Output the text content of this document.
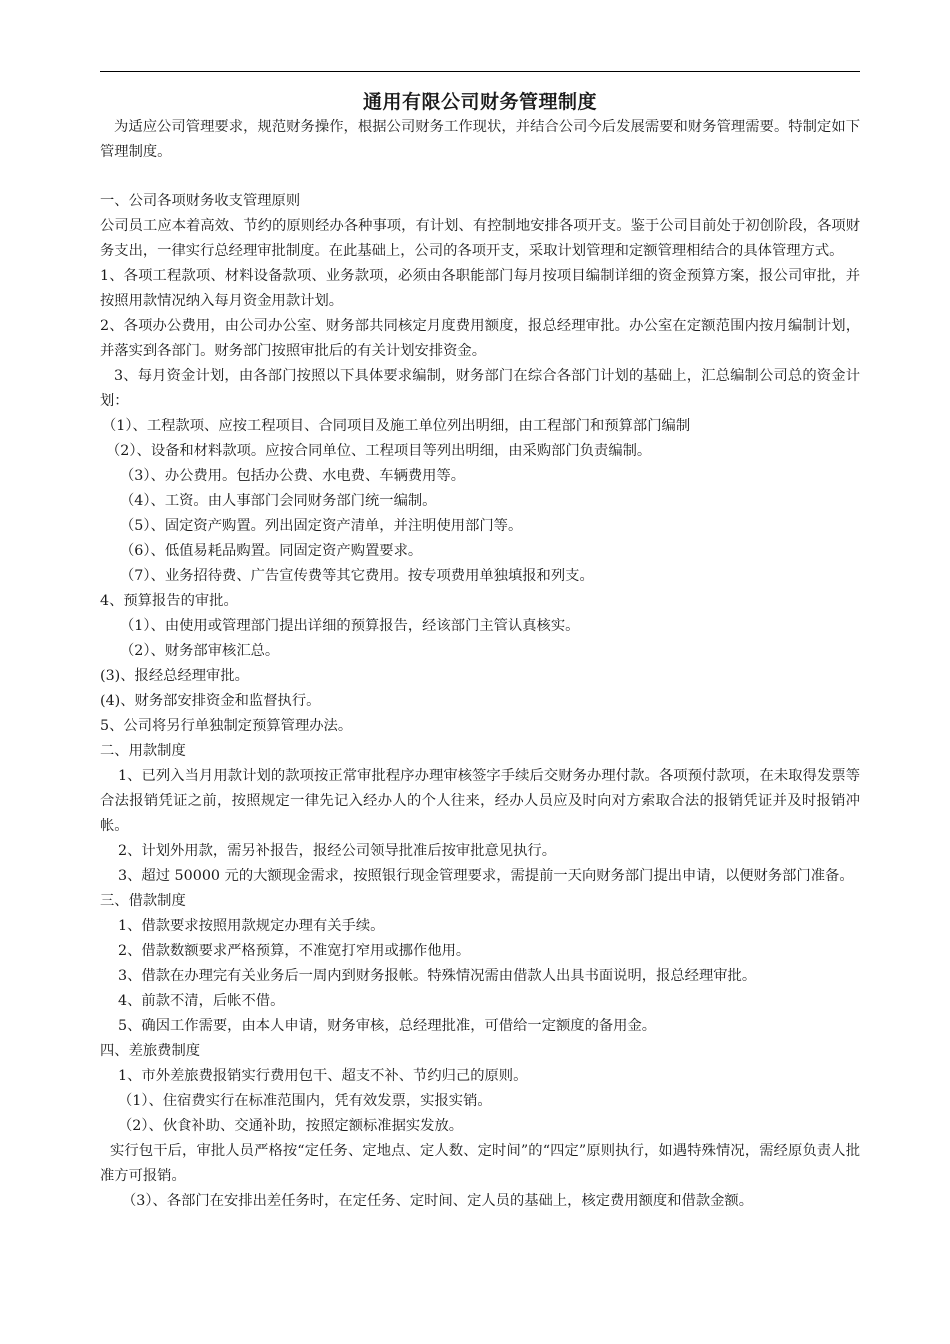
通用有限公司财务管理制度

为适应公司管理要求，规范财务操作，根据公司财务工作现状，并结合公司今后发展需要和财务管理需要。特制定如下管理制度。

一、公司各项财务收支管理原则

公司员工应本着高效、节约的原则经办各种事项，有计划、有控制地安排各项开支。鉴于公司目前处于初创阶段，各项财务支出，一律实行总经理审批制度。在此基础上，公司的各项开支，采取计划管理和定额管理相结合的具体管理方式。

1、各项工程款项、材料设备款项、业务款项，必须由各职能部门每月按项目编制详细的资金预算方案，报公司审批，并按照用款情况纳入每月资金用款计划。

2、各项办公费用，由公司办公室、财务部共同核定月度费用额度，报总经理审批。办公室在定额范围内按月编制计划，并落实到各部门。财务部门按照审批后的有关计划安排资金。

3、每月资金计划，由各部门按照以下具体要求编制，财务部门在综合各部门计划的基础上，汇总编制公司总的资金计划：

（1）、工程款项、应按工程项目、合同项目及施工单位列出明细，由工程部门和预算部门编制

（2）、设备和材料款项。应按合同单位、工程项目等列出明细，由采购部门负责编制。

（3）、办公费用。包括办公费、水电费、车辆费用等。

（4）、工资。由人事部门会同财务部门统一编制。

（5）、固定资产购置。列出固定资产清单，并注明使用部门等。

（6）、低值易耗品购置。同固定资产购置要求。

（7）、业务招待费、广告宣传费等其它费用。按专项费用单独填报和列支。

4、预算报告的审批。

（1）、由使用或管理部门提出详细的预算报告，经该部门主管认真核实。

（2）、财务部审核汇总。

(3)、报经总经理审批。

(4)、财务部安排资金和监督执行。

5、公司将另行单独制定预算管理办法。

二、用款制度

1、已列入当月用款计划的款项按正常审批程序办理审核签字手续后交财务办理付款。各项预付款项，在未取得发票等合法报销凭证之前，按照规定一律先记入经办人的个人往来，经办人员应及时向对方索取合法的报销凭证并及时报销冲帐。

2、计划外用款，需另补报告，报经公司领导批准后按审批意见执行。

3、超过 50000 元的大额现金需求，按照银行现金管理要求，需提前一天向财务部门提出申请，以便财务部门准备。

三、借款制度

1、借款要求按照用款规定办理有关手续。

2、借款数额要求严格预算，不准宽打窄用或挪作他用。

3、借款在办理完有关业务后一周内到财务报帐。特殊情况需由借款人出具书面说明，报总经理审批。

4、前款不清，后帐不借。

5、确因工作需要，由本人申请，财务审核，总经理批准，可借给一定额度的备用金。

四、差旅费制度

1、市外差旅费报销实行费用包干、超支不补、节约归己的原则。

（1）、住宿费实行在标准范围内，凭有效发票，实报实销。

（2）、伙食补助、交通补助，按照定额标准据实发放。

实行包干后，审批人员严格按“定任务、定地点、定人数、定时间”的“四定”原则执行，如遇特殊情况，需经原负责人批准方可报销。

（3）、各部门在安排出差任务时，在定任务、定时间、定人员的基础上，核定费用额度和借款金额。
